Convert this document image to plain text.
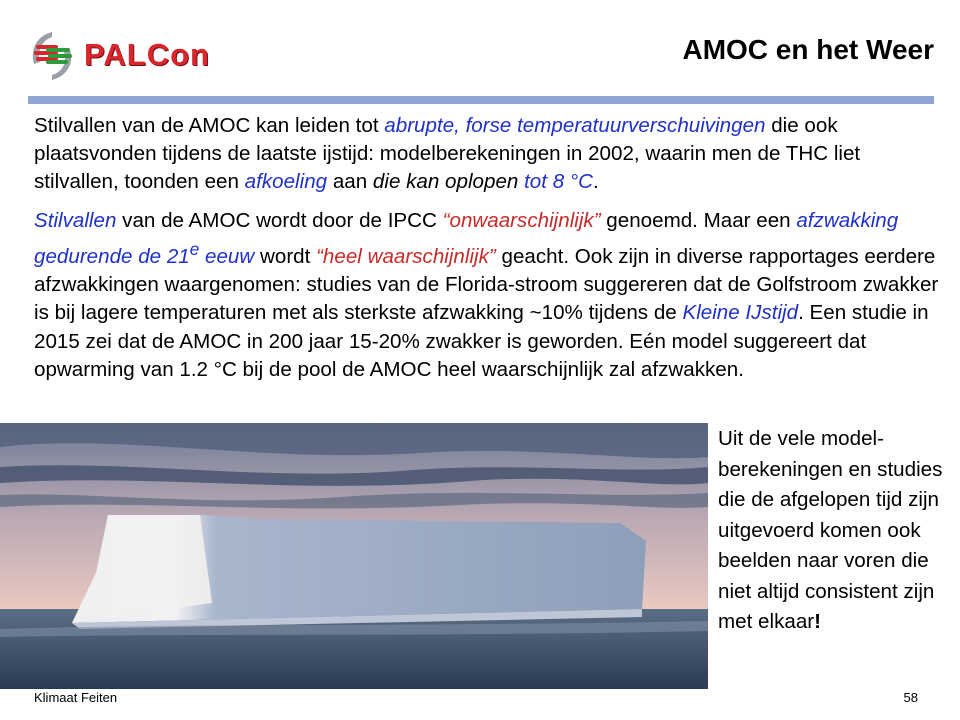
PALCon	AMOC en het Weer

Stilvallen van de AMOC kan leiden tot abrupte, forse temperatuurverschuivingen die ook plaatsvonden tijdens de laatste ijstijd: modelberekeningen in 2002, waarin men de THC liet stilvallen, toonden een afkoeling aan die kan oplopen tot 8 °C.

Stilvallen van de AMOC wordt door de IPCC “onwaarschijnlijk” genoemd. Maar een afzwakking gedurende de 21e eeuw wordt “heel waarschijnlijk” geacht. Ook zijn in diverse rapportages eerdere afzwakkingen waargenomen: studies van de Florida-stroom suggereren dat de Golfstroom zwakker is bij lagere temperaturen met als sterkste afzwakking ~10% tijdens de Kleine IJstijd. Een studie in 2015 zei dat de AMOC in 200 jaar 15-20% zwakker is geworden. Eén model suggereert dat opwarming van 1.2 °C bij de pool de AMOC heel waarschijnlijk zal afzwakken.

Uit de vele model-berekeningen en studies die de afgelopen tijd zijn uitgevoerd komen ook beelden naar voren die niet altijd consistent zijn met elkaar!

Klimaat Feiten	58
